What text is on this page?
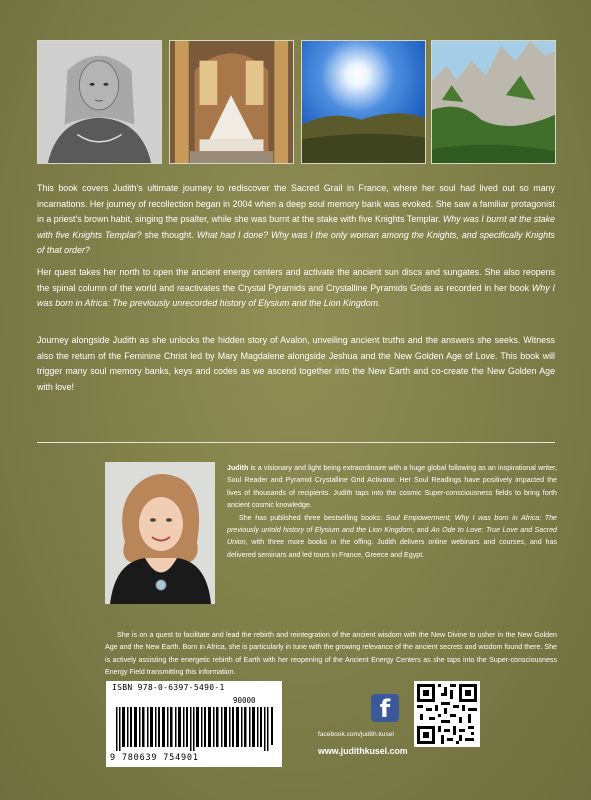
This book covers Judith's ultimate journey to rediscover the Sacred Grail in France, where her soul had lived out so many incarnations. Her journey of recollection began in 2004 when a deep soul memory bank was evoked. She saw a familiar protagonist in a priest's brown habit, singing the psalter, while she was burnt at the stake with five Knights Templar. Why was I burnt at the stake with five Knights Templar? she thought. What had I done? Why was I the only woman among the Knights, and specifically Knights of that order?
Her quest takes her north to open the ancient energy centers and activate the ancient sun discs and sungates. She also reopens the spinal column of the world and reactivates the Crystal Pyramids and Crystalline Pyramids Grids as recorded in her book Why I was born in Africa: The previously unrecorded history of Elysium and the Lion Kingdom.
Journey alongside Judith as she unlocks the hidden story of Avalon, unveiling ancient truths and the answers she seeks. Witness also the return of the Feminine Christ led by Mary Magdalene alongside Jeshua and the New Golden Age of Love. This book will trigger many soul memory banks, keys and codes as we ascend together into the New Earth and co-create the New Golden Age with love!

Judith is a visionary and light being extraordinaire with a huge global following as an inspirational writer, Soul Reader and Pyramid Crystalline Grid Activator. Her Soul Readings have positively impacted the lives of thousands of recipients. Judith taps into the cosmic Super-consciousness fields to bring forth ancient cosmic knowledge.

She has published three bestselling books: Soul Empowerment; Why I was born in Africa: The previously untold history of Elysium and the Lion Kingdom; and An Ode to Love: True Love and Sacred Union, with three more books in the offing. Judith delivers online webinars and courses, and has delivered seminars and led tours in France, Greece and Egypt.

She is on a quest to facilitate and lead the rebirth and reintegration of the ancient wisdom with the New Divine to usher in the New Golden Age and the New Earth. Born in Africa, she is particularly in tune with the growing relevance of the ancient secrets and wisdom found there. She is actively assisting the energetic rebirth of Earth with her reopening of the Ancient Energy Centers as she taps into the Super-consciousness Energy Field transmitting this information.

ISBN 978-0-6397-5490-1
90000
9 780639 754901
f
facebook.com/judith.kusel
www.judithkusel.com
